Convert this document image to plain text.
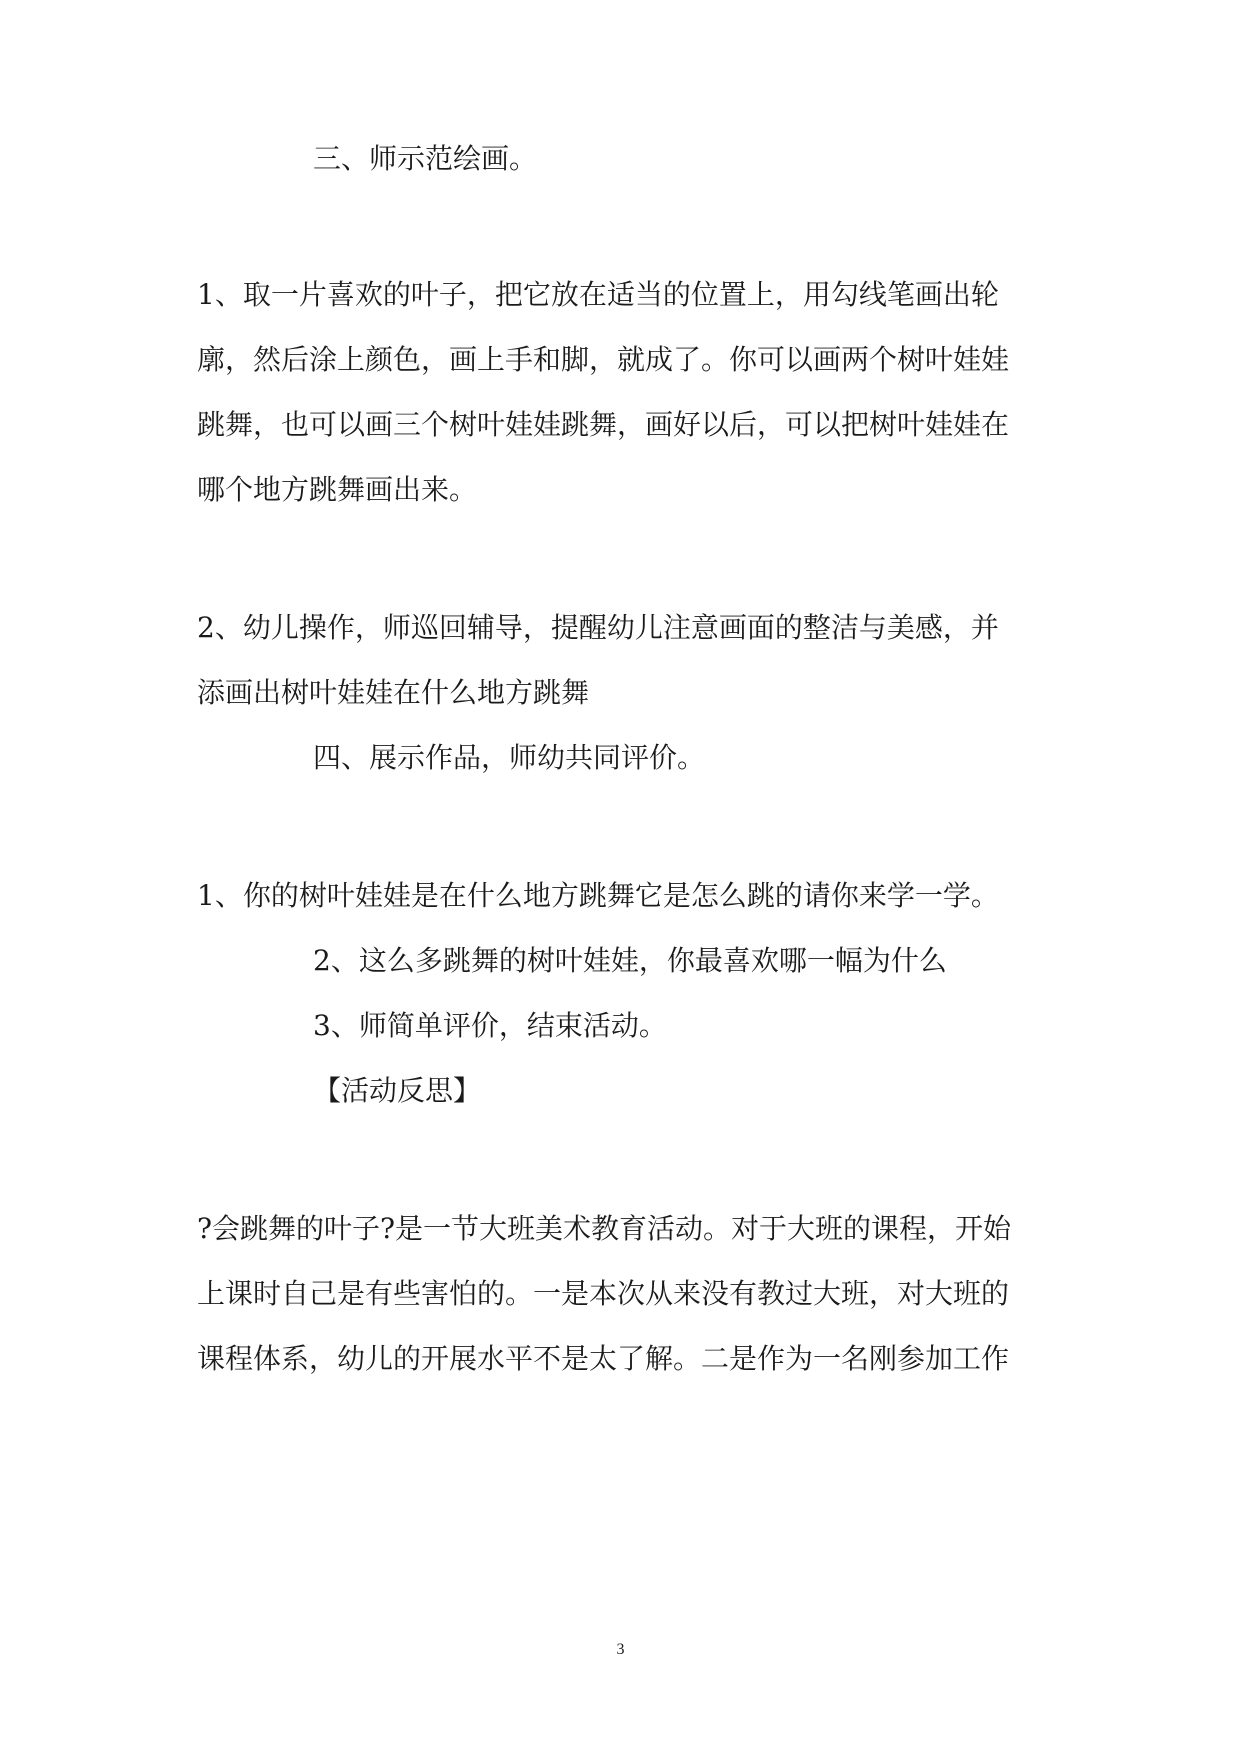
三、师示范绘画。
1、取一片喜欢的叶子，把它放在适当的位置上，用勾线笔画出轮
廓，然后涂上颜色，画上手和脚，就成了。你可以画两个树叶娃娃
跳舞，也可以画三个树叶娃娃跳舞，画好以后，可以把树叶娃娃在
哪个地方跳舞画出来。
2、幼儿操作，师巡回辅导，提醒幼儿注意画面的整洁与美感，并
添画出树叶娃娃在什么地方跳舞
四、展示作品，师幼共同评价。
1、你的树叶娃娃是在什么地方跳舞它是怎么跳的请你来学一学。
2、这么多跳舞的树叶娃娃，你最喜欢哪一幅为什么
3、师简单评价，结束活动。
【活动反思】
?会跳舞的叶子?是一节大班美术教育活动。对于大班的课程，开始
上课时自己是有些害怕的。一是本次从来没有教过大班，对大班的
课程体系，幼儿的开展水平不是太了解。二是作为一名刚参加工作
3
